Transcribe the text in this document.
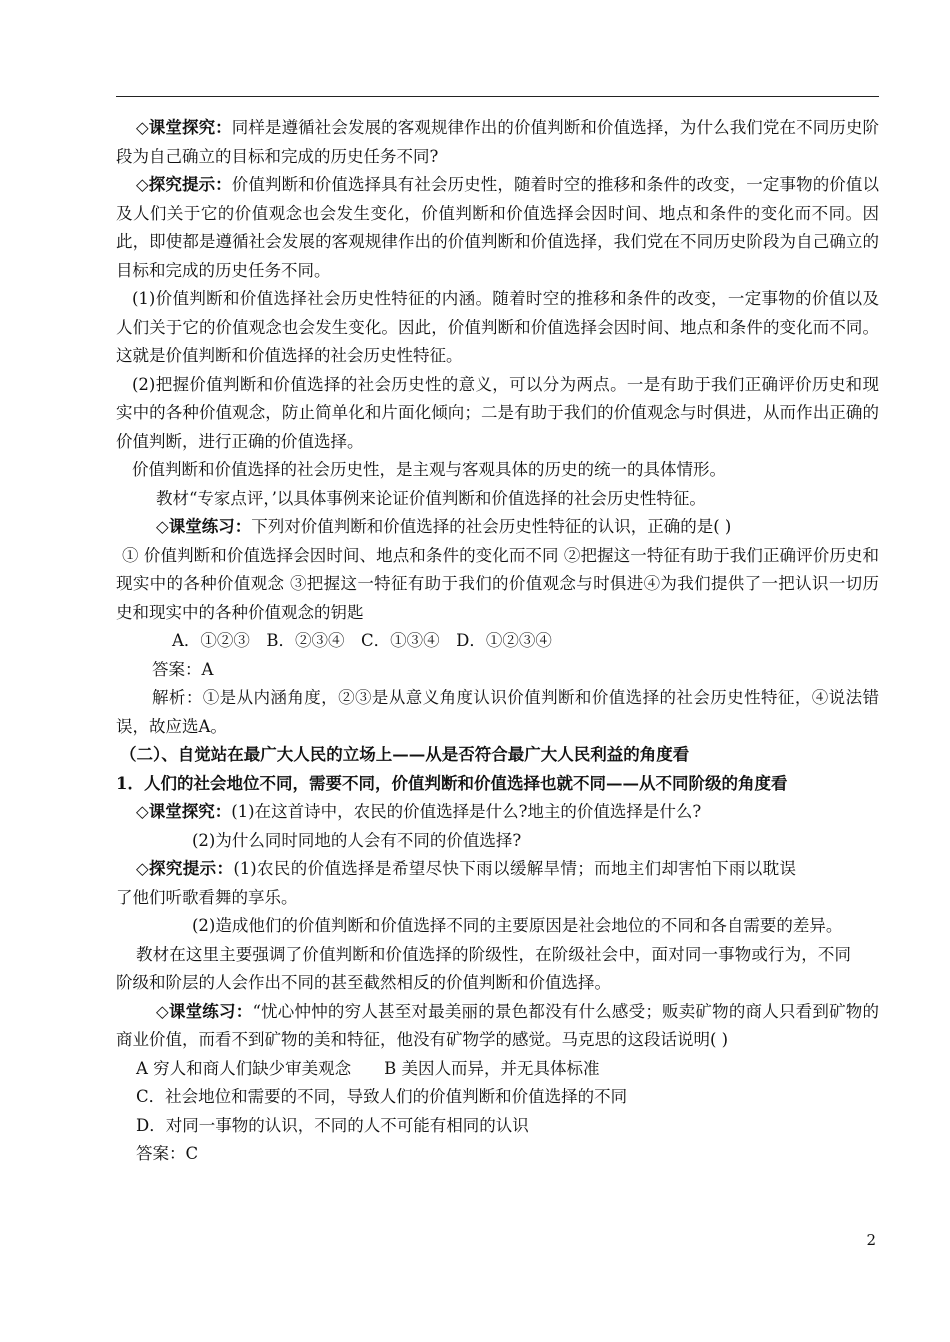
◇课堂探究：同样是遵循社会发展的客观规律作出的价值判断和价值选择，为什么我们党在不同历史阶段为自己确立的目标和完成的历史任务不同?

◇探究提示：价值判断和价值选择具有社会历史性，随着时空的推移和条件的改变，一定事物的价值以及人们关于它的价值观念也会发生变化，价值判断和价值选择会因时间、地点和条件的变化而不同。因此，即使都是遵循社会发展的客观规律作出的价值判断和价值选择，我们党在不同历史阶段为自己确立的目标和完成的历史任务不同。

(1)价值判断和价值选择社会历史性特征的内涵。随着时空的推移和条件的改变，一定事物的价值以及人们关于它的价值观念也会发生变化。因此，价值判断和价值选择会因时间、地点和条件的变化而不同。这就是价值判断和价值选择的社会历史性特征。

(2)把握价值判断和价值选择的社会历史性的意义，可以分为两点。一是有助于我们正确评价历史和现实中的各种价值观念，防止简单化和片面化倾向；二是有助于我们的价值观念与时俱进，从而作出正确的价值判断，进行正确的价值选择。

价值判断和价值选择的社会历史性，是主观与客观具体的历史的统一的具体情形。

教材“专家点评，’以具体事例来论证价值判断和价值选择的社会历史性特征。

◇课堂练习：下列对价值判断和价值选择的社会历史性特征的认识，正确的是( )

① 价值判断和价值选择会因时间、地点和条件的变化而不同 ②把握这一特征有助于我们正确评价历史和现实中的各种价值观念 ③把握这一特征有助于我们的价值观念与时俱进④为我们提供了一把认识一切历史和现实中的各种价值观念的钥匙

A．①②③　B．②③④　C．①③④　D．①②③④

答案：A

解析：①是从内涵角度，②③是从意义角度认识价值判断和价值选择的社会历史性特征，④说法错误，故应选A。

（二）、自觉站在最广大人民的立场上——从是否符合最广大人民利益的角度看

1．人们的社会地位不同，需要不同，价值判断和价值选择也就不同——从不同阶级的角度看

◇课堂探究：(1)在这首诗中，农民的价值选择是什么?地主的价值选择是什么?

(2)为什么同时同地的人会有不同的价值选择?

◇探究提示：(1)农民的价值选择是希望尽快下雨以缓解旱情；而地主们却害怕下雨以耽误了他们听歌看舞的享乐。

(2)造成他们的价值判断和价值选择不同的主要原因是社会地位的不同和各自需要的差异。

教材在这里主要强调了价值判断和价值选择的阶级性，在阶级社会中，面对同一事物或行为，不同阶级和阶层的人会作出不同的甚至截然相反的价值判断和价值选择。

◇课堂练习：“忧心忡忡的穷人甚至对最美丽的景色都没有什么感受；贩卖矿物的商人只看到矿物的商业价值，而看不到矿物的美和特征，他没有矿物学的感觉。马克思的这段话说明( )

A 穷人和商人们缺少审美观念　　B 美因人而异，并无具体标准

C．社会地位和需要的不同，导致人们的价值判断和价值选择的不同

D．对同一事物的认识，不同的人不可能有相同的认识

答案：C

2
